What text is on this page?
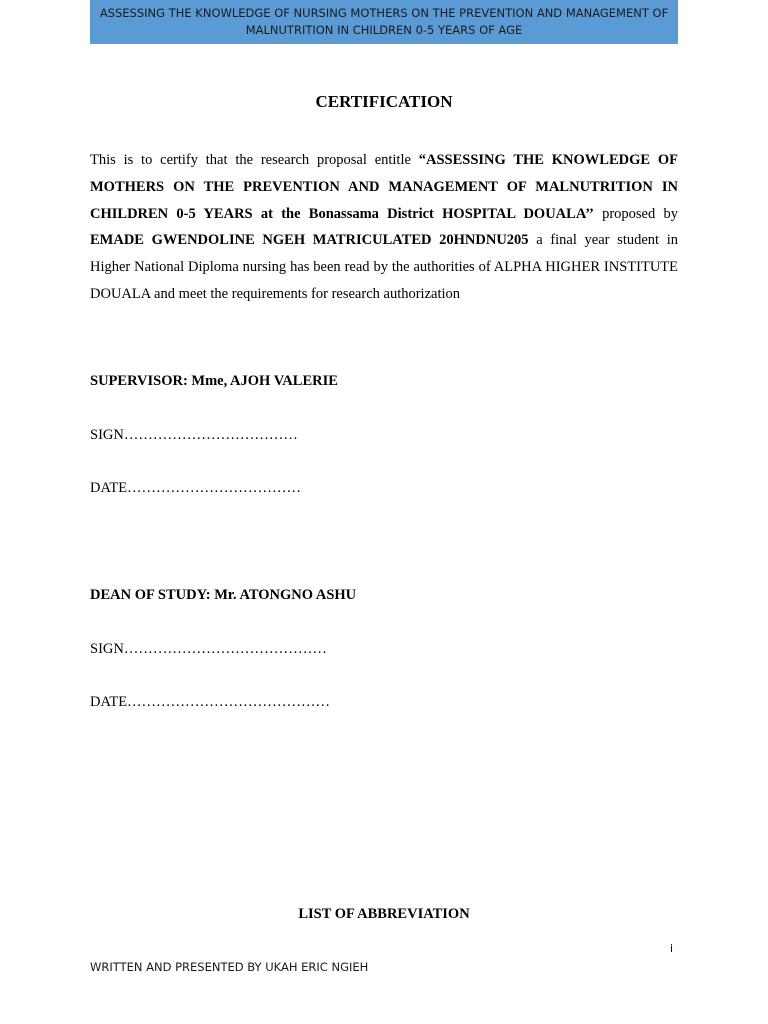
ASSESSING THE KNOWLEDGE OF NURSING MOTHERS ON THE PREVENTION AND MANAGEMENT OF
MALNUTRITION IN CHILDREN 0-5 YEARS OF AGE
CERTIFICATION
This is to certify that the research proposal entitle “ASSESSING THE KNOWLEDGE OF MOTHERS ON THE PREVENTION AND MANAGEMENT OF MALNUTRITION IN CHILDREN 0-5 YEARS at the Bonassama District HOSPITAL DOUALA’’ proposed by EMADE GWENDOLINE NGEH MATRICULATED 20HNDNU205 a final year student in Higher National Diploma nursing has been read by the authorities of ALPHA HIGHER INSTITUTE DOUALA and meet the requirements for research authorization
SUPERVISOR: Mme, AJOH VALERIE
SIGN………………………………
DATE………………………………
DEAN OF STUDY: Mr. ATONGNO ASHU
SIGN……………………………………
DATE……………………………………
LIST OF ABBREVIATION
i
WRITTEN AND PRESENTED BY UKAH ERIC NGIEH
